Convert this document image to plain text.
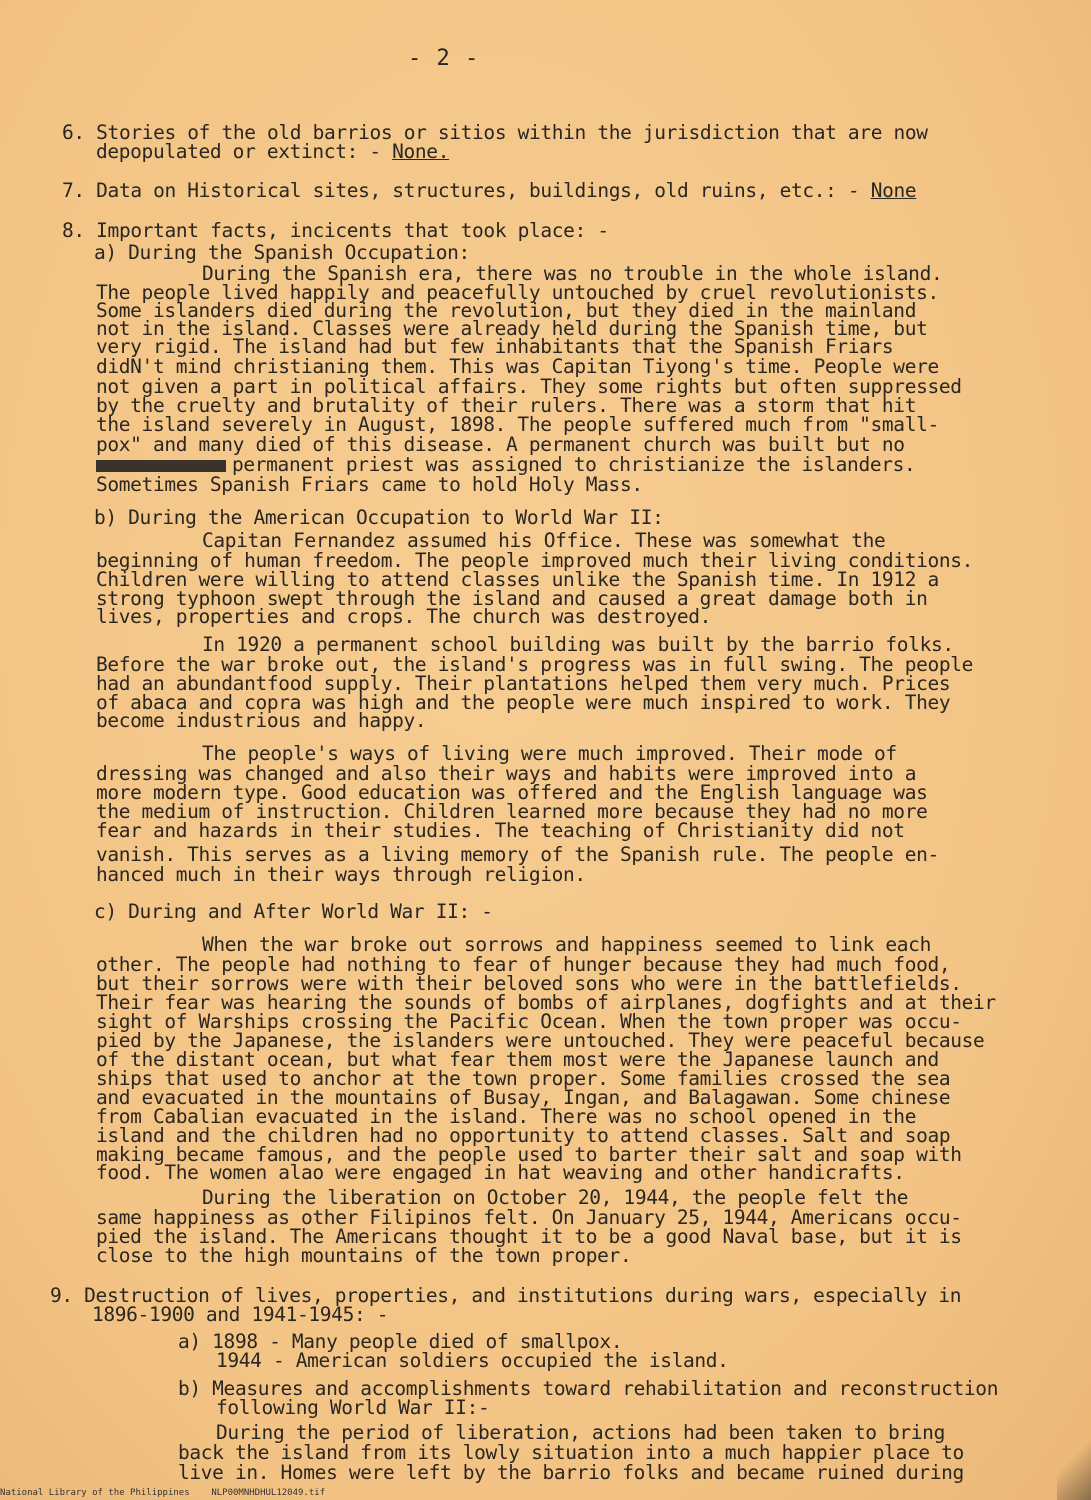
- 2 -
6. Stories of the old barrios or sitios within the jurisdiction that are now
depopulated or extinct: - None.
7. Data on Historical sites, structures, buildings, old ruins, etc.: - None
8. Important facts, incicents that took place: -
a) During the Spanish Occupation:
During the Spanish era, there was no trouble in the whole island.
The people lived happily and peacefully untouched by cruel revolutionists.
Some islanders died during the revolution, but they died in the mainland
not in the island. Classes were already held during the Spanish time, but
very rigid. The island had but few inhabitants that the Spanish Friars
didN't mind christianing them. This was Capitan Tiyong's time. People were
not given a part in political affairs. They some rights but often suppressed
by the cruelty and brutality of their rulers. There was a storm that hit
the island severely in August, 1898. The people suffered much from "small-
pox" and many died of this disease. A permanent church was built but no
permanent priest was assigned to christianize the islanders.
Sometimes Spanish Friars came to hold Holy Mass.
b) During the American Occupation to World War II:
Capitan Fernandez assumed his Office. These was somewhat the
beginning of human freedom. The people improved much their living conditions.
Children were willing to attend classes unlike the Spanish time. In 1912 a
strong typhoon swept through the island and caused a great damage both in
lives, properties and crops. The church was destroyed.
In 1920 a permanent school building was built by the barrio folks.
Before the war broke out, the island's progress was in full swing. The people
had an abundantfood supply. Their plantations helped them very much. Prices
of abaca and copra was high and the people were much inspired to work. They
become industrious and happy.
The people's ways of living were much improved. Their mode of
dressing was changed and also their ways and habits were improved into a
more modern type. Good education was offered and the English language was
the medium of instruction. Children learned more because they had no more
fear and hazards in their studies. The teaching of Christianity did not
vanish. This serves as a living memory of the Spanish rule. The people en-
hanced much in their ways through religion.
c) During and After World War II: -
When the war broke out sorrows and happiness seemed to link each
other. The people had nothing to fear of hunger because they had much food,
but their sorrows were with their beloved sons who were in the battlefields.
Their fear was hearing the sounds of bombs of airplanes, dogfights and at their
sight of Warships crossing the Pacific Ocean. When the town proper was occu-
pied by the Japanese, the islanders were untouched. They were peaceful because
of the distant ocean, but what fear them most were the Japanese launch and
ships that used to anchor at the town proper. Some families crossed the sea
and evacuated in the mountains of Busay, Ingan, and Balagawan. Some chinese
from Cabalian evacuated in the island. There was no school opened in the
island and the children had no opportunity to attend classes. Salt and soap
making became famous, and the people used to barter their salt and soap with
food. The women alao were engaged in hat weaving and other handicrafts.
During the liberation on October 20, 1944, the people felt the
same happiness as other Filipinos felt. On January 25, 1944, Americans occu-
pied the island. The Americans thought it to be a good Naval base, but it is
close to the high mountains of the town proper.
9. Destruction of lives, properties, and institutions during wars, especially in
1896-1900 and 1941-1945: -
a) 1898 - Many people died of smallpox.
1944 - American soldiers occupied the island.
b) Measures and accomplishments toward rehabilitation and reconstruction
following World War II:-
During the period of liberation, actions had been taken to bring
back the island from its lowly situation into a much happier place to
live in. Homes were left by the barrio folks and became ruined during
National Library of the Philippines    NLP00MNHDHUL12049.tif
